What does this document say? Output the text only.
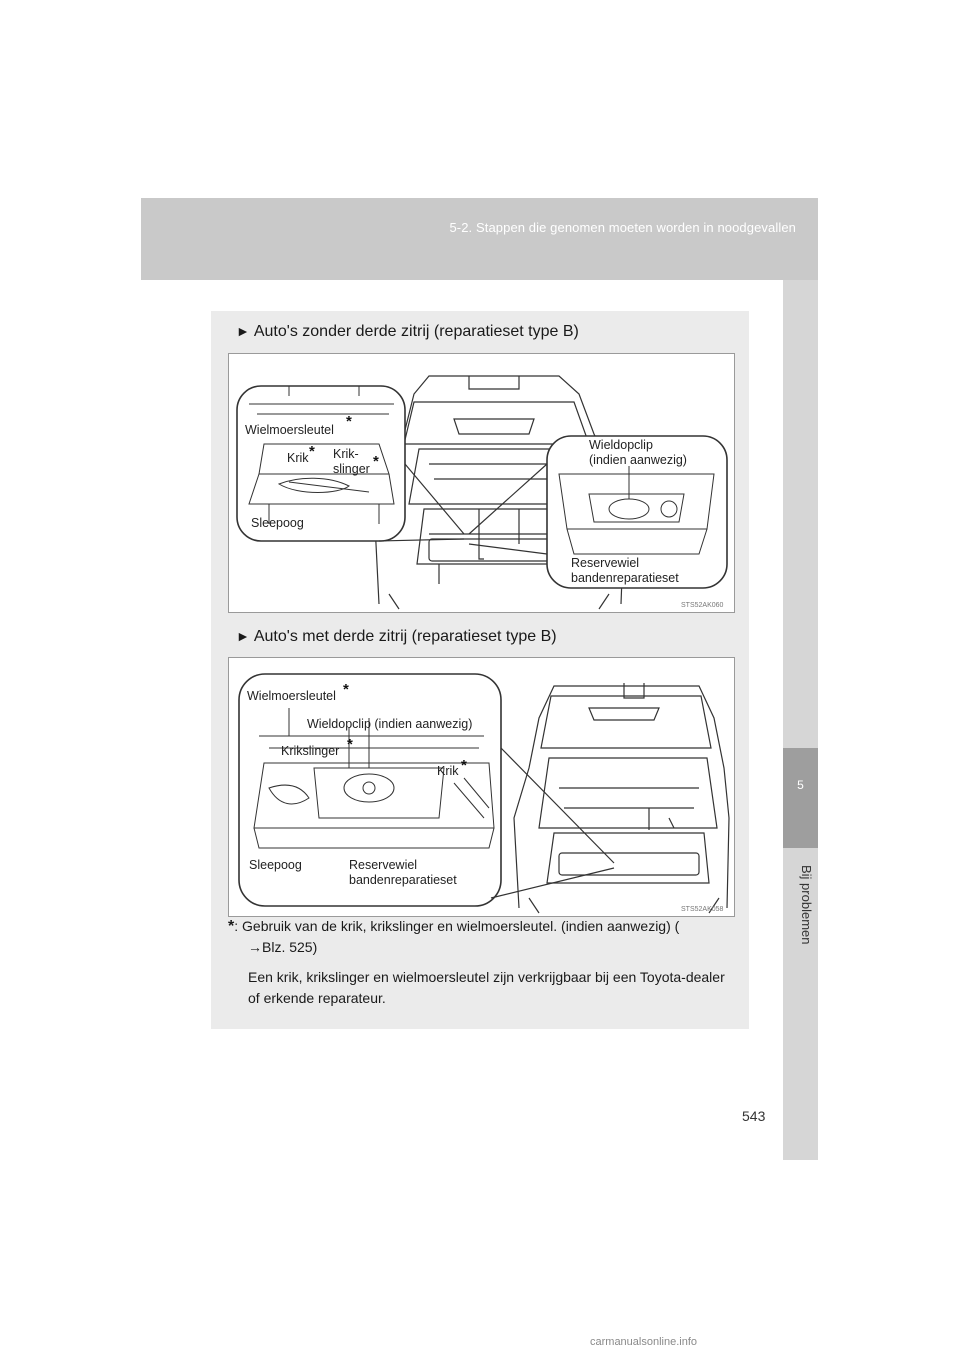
5-2. Stappen die genomen moeten worden in noodgevallen
5
Bij problemen
► Auto's zonder derde zitrij (reparatieset type B)
Wielmoersleutel *
Krik * Krik-
slinger *
Sleepoog
Wieldopclip
(indien aanwezig)
Reservewiel
bandenreparatieset
STS52AK060
► Auto's met derde zitrij (reparatieset type B)
Wielmoersleutel *
Wieldopclip (indien aanwezig)
Krikslinger *
Krik *
Sleepoog	Reservewiel
bandenreparatieset
STS52AK058

*: Gebruik van de krik, krikslinger en wielmoersleutel. (indien aanwezig) (

→Blz. 525)

Een krik, krikslinger en wielmoersleutel zijn verkrijgbaar bij een Toyota-dealer of erkende reparateur.

543
carmanualsonline.info
